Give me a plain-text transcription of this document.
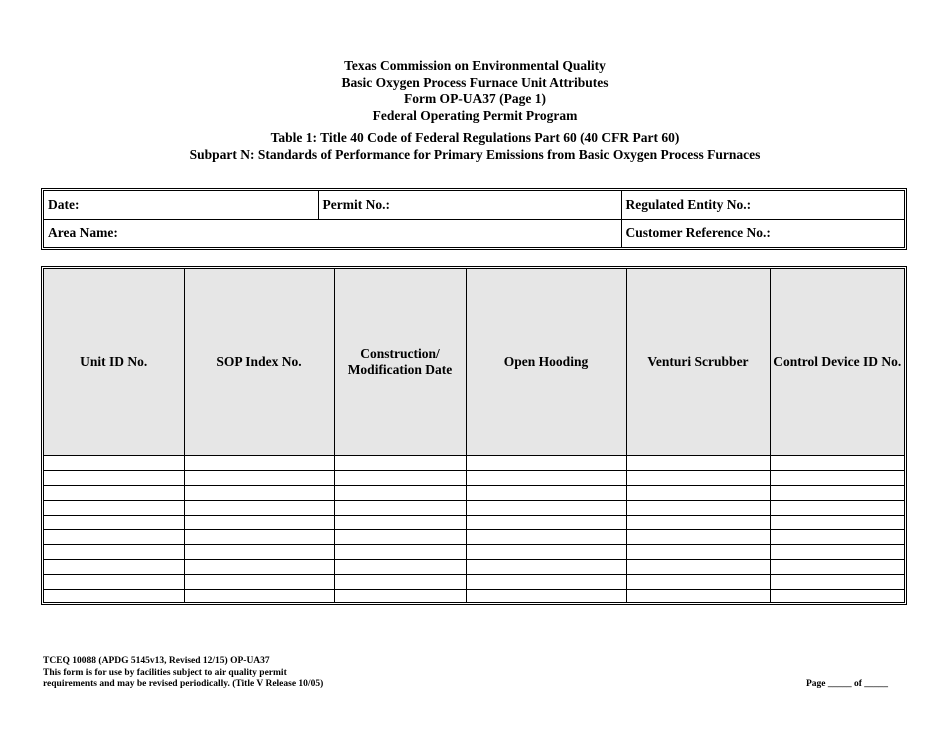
Texas Commission on Environmental Quality
Basic Oxygen Process Furnace Unit Attributes
Form OP-UA37 (Page 1)
Federal Operating Permit Program
Table 1: Title 40 Code of Federal Regulations Part 60 (40 CFR Part 60)
Subpart N: Standards of Performance for Primary Emissions from Basic Oxygen Process Furnaces
Date:	Permit No.:	Regulated Entity No.:
Area Name:		Customer Reference No.:
Unit ID No.	SOP Index No.	Construction/
Modification Date	Open Hooding	Venturi Scrubber	Control Device ID No.

TCEQ 10088 (APDG 5145v13, Revised 12/15) OP-UA37
This form is for use by facilities subject to air quality permit
requirements and may be revised periodically. (Title V Release 10/05)	Page _____ of _____
